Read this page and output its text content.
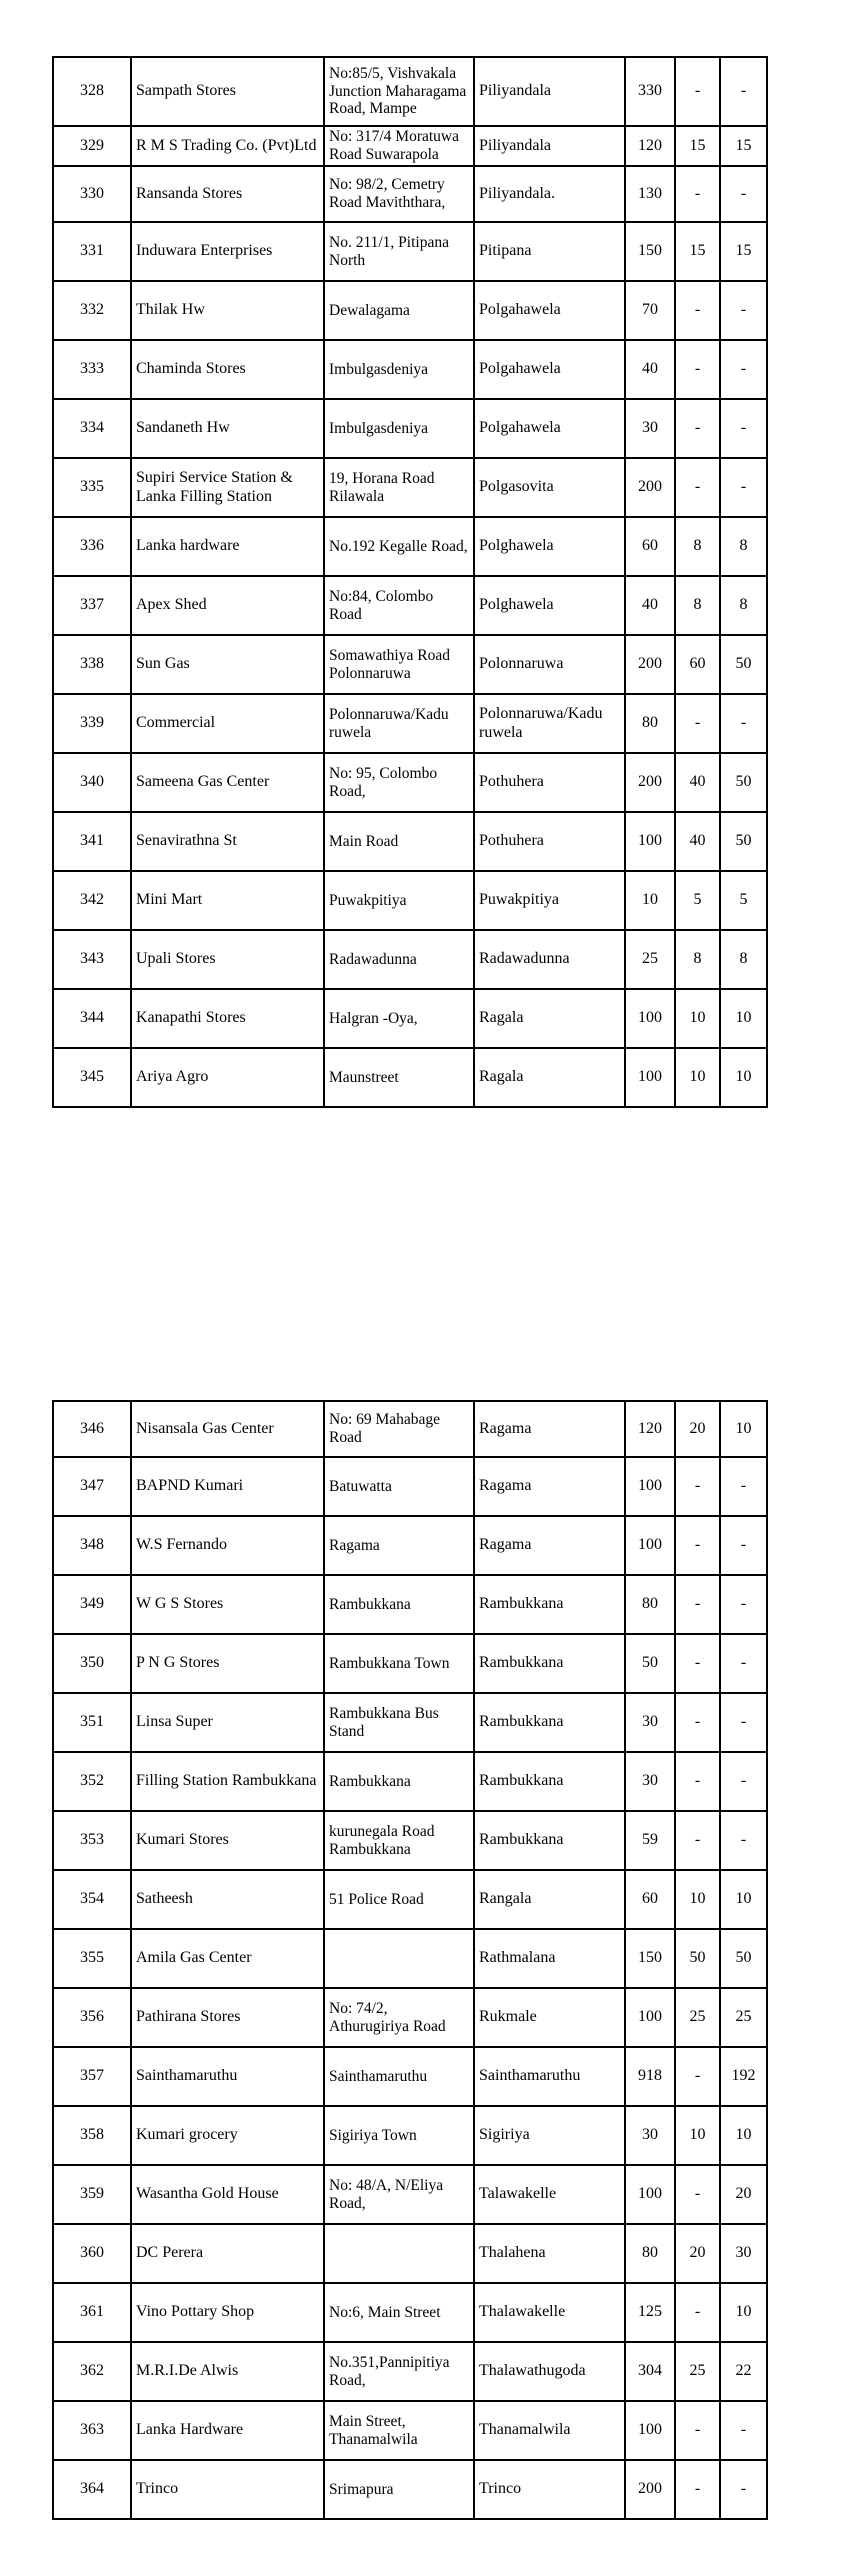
328	Sampath Stores	No:85/5, Vishvakala Junction Maharagama Road, Mampe	Piliyandala	330	-	-
329	R M S Trading Co. (Pvt)Ltd	No: 317/4 Moratuwa Road Suwarapola	Piliyandala	120	15	15
330	Ransanda Stores	No: 98/2, Cemetry Road Maviththara,	Piliyandala.	130	-	-
331	Induwara Enterprises	No. 211/1, Pitipana North	Pitipana	150	15	15
332	Thilak Hw	Dewalagama	Polgahawela	70	-	-
333	Chaminda Stores	Imbulgasdeniya	Polgahawela	40	-	-
334	Sandaneth Hw	Imbulgasdeniya	Polgahawela	30	-	-
335	Supiri Service Station & Lanka Filling Station	19, Horana Road Rilawala	Polgasovita	200	-	-
336	Lanka hardware	No.192 Kegalle Road,	Polghawela	60	8	8
337	Apex Shed	No:84, Colombo Road	Polghawela	40	8	8
338	Sun Gas	Somawathiya Road Polonnaruwa	Polonnaruwa	200	60	50
339	Commercial	Polonnaruwa/Kadu ruwela	Polonnaruwa/Kadu ruwela	80	-	-
340	Sameena Gas Center	No: 95, Colombo Road,	Pothuhera	200	40	50
341	Senavirathna St	Main Road	Pothuhera	100	40	50
342	Mini Mart	Puwakpitiya	Puwakpitiya	10	5	5
343	Upali Stores	Radawadunna	Radawadunna	25	8	8
344	Kanapathi Stores	Halgran -Oya,	Ragala	100	10	10
345	Ariya Agro	Maunstreet	Ragala	100	10	10
346	Nisansala Gas Center	No: 69 Mahabage Road	Ragama	120	20	10
347	BAPND Kumari	Batuwatta	Ragama	100	-	-
348	W.S Fernando	Ragama	Ragama	100	-	-
349	W G S Stores	Rambukkana	Rambukkana	80	-	-
350	P N G Stores	Rambukkana Town	Rambukkana	50	-	-
351	Linsa Super	Rambukkana Bus Stand	Rambukkana	30	-	-
352	Filling Station Rambukkana	Rambukkana	Rambukkana	30	-	-
353	Kumari Stores	kurunegala Road Rambukkana	Rambukkana	59	-	-
354	Satheesh	51 Police Road	Rangala	60	10	10
355	Amila Gas Center		Rathmalana	150	50	50
356	Pathirana Stores	No: 74/2, Athurugiriya Road	Rukmale	100	25	25
357	Sainthamaruthu	Sainthamaruthu	Sainthamaruthu	918	-	192
358	Kumari grocery	Sigiriya Town	Sigiriya	30	10	10
359	Wasantha Gold House	No: 48/A, N/Eliya Road,	Talawakelle	100	-	20
360	DC Perera		Thalahena	80	20	30
361	Vino Pottary Shop	No:6, Main Street	Thalawakelle	125	-	10
362	M.R.I.De Alwis	No.351,Pannipitiya Road,	Thalawathugoda	304	25	22
363	Lanka Hardware	Main Street, Thanamalwila	Thanamalwila	100	-	-
364	Trinco	Srimapura	Trinco	200	-	-
